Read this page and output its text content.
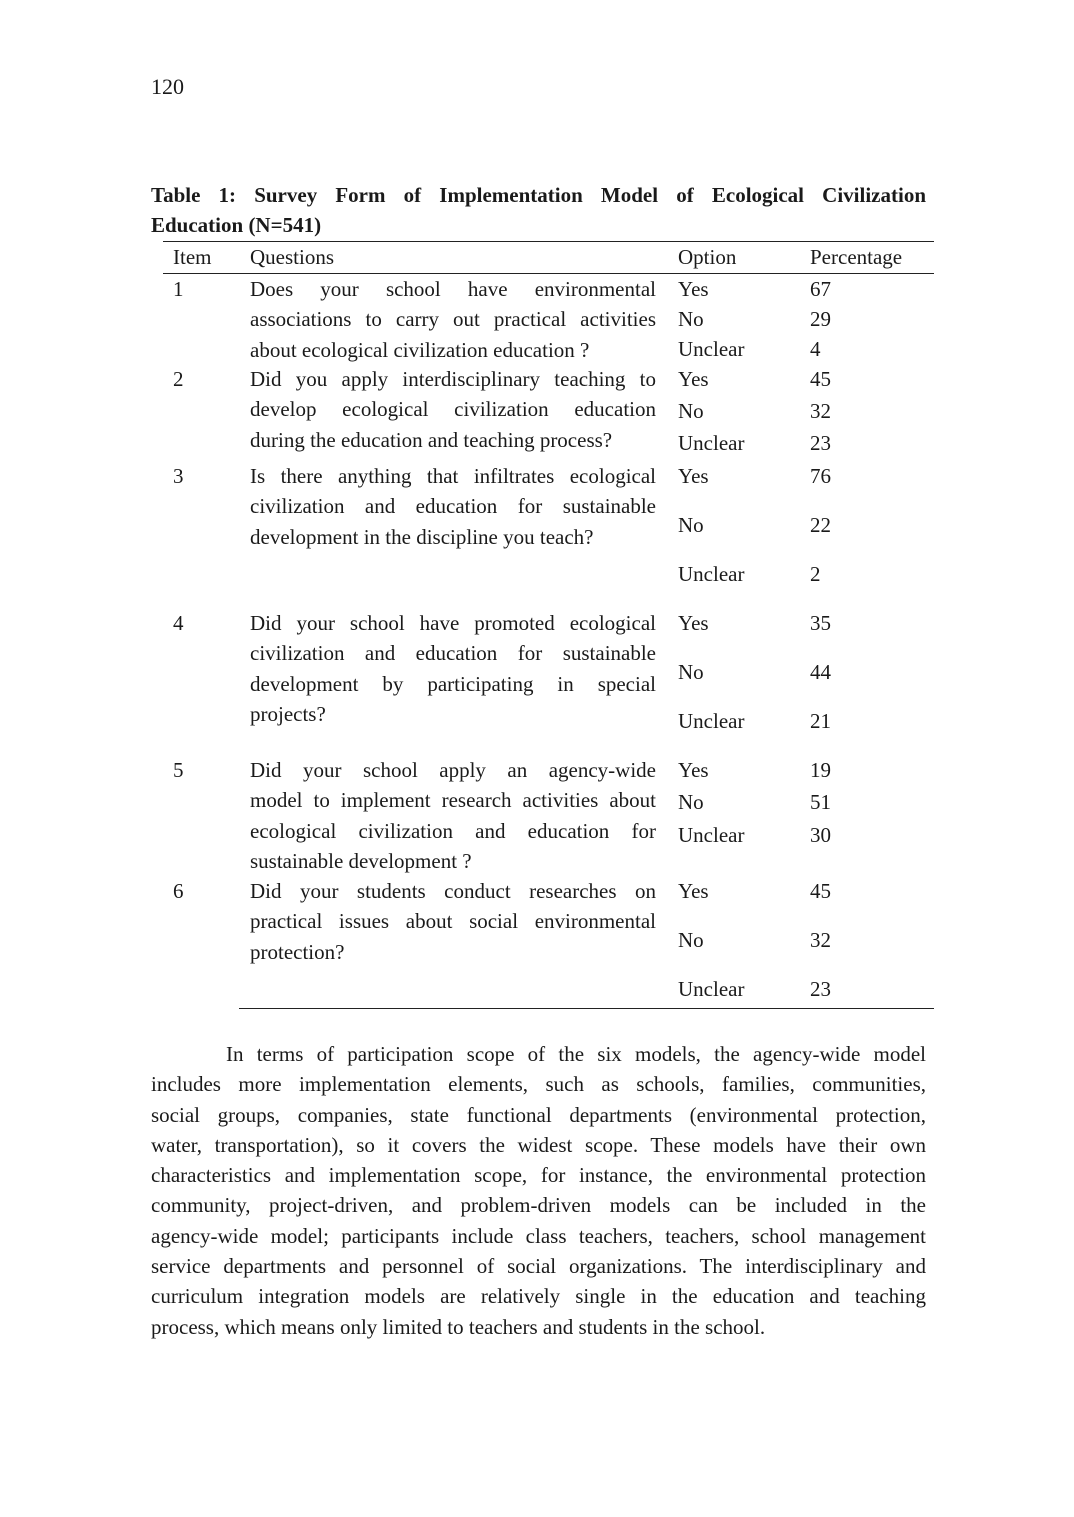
120
Table 1: Survey Form of Implementation Model of Ecological Civilization
Education (N=541)
Item Questions	Option	Percentage
1	Does your school have environmental
associations to carry out practical activities
about ecological civilization education ?
Yes	67
No	29
Unclear	4
2	Did you apply interdisciplinary teaching to
develop ecological civilization education
during the education and teaching process?
Yes	45
No	32
Unclear	23
3	Is there anything that infiltrates ecological
civilization and education for sustainable
development in the discipline you teach?
Yes	76
No	22
Unclear	2
4	Did your school have promoted ecological
civilization and education for sustainable
development by participating in special
projects?
Yes	35
No	44
Unclear	21
5	Did your school apply an agency-wide
model to implement research activities about
ecological civilization and education for
sustainable development ?
Yes	19
No	51
Unclear	30
6	Did your students conduct researches on
practical issues about social environmental
protection?
Yes	45
No	32
Unclear	23
In terms of participation scope of the six models, the agency-wide model
includes more implementation elements, such as schools, families, communities,
social groups, companies, state functional departments (environmental protection,
water, transportation), so it covers the widest scope. These models have their own
characteristics and implementation scope, for instance, the environmental protection
community, project-driven, and problem-driven models can be included in the
agency-wide model; participants include class teachers, teachers, school management
service departments and personnel of social organizations. The interdisciplinary and
curriculum integration models are relatively single in the education and teaching
process, which means only limited to teachers and students in the school.
